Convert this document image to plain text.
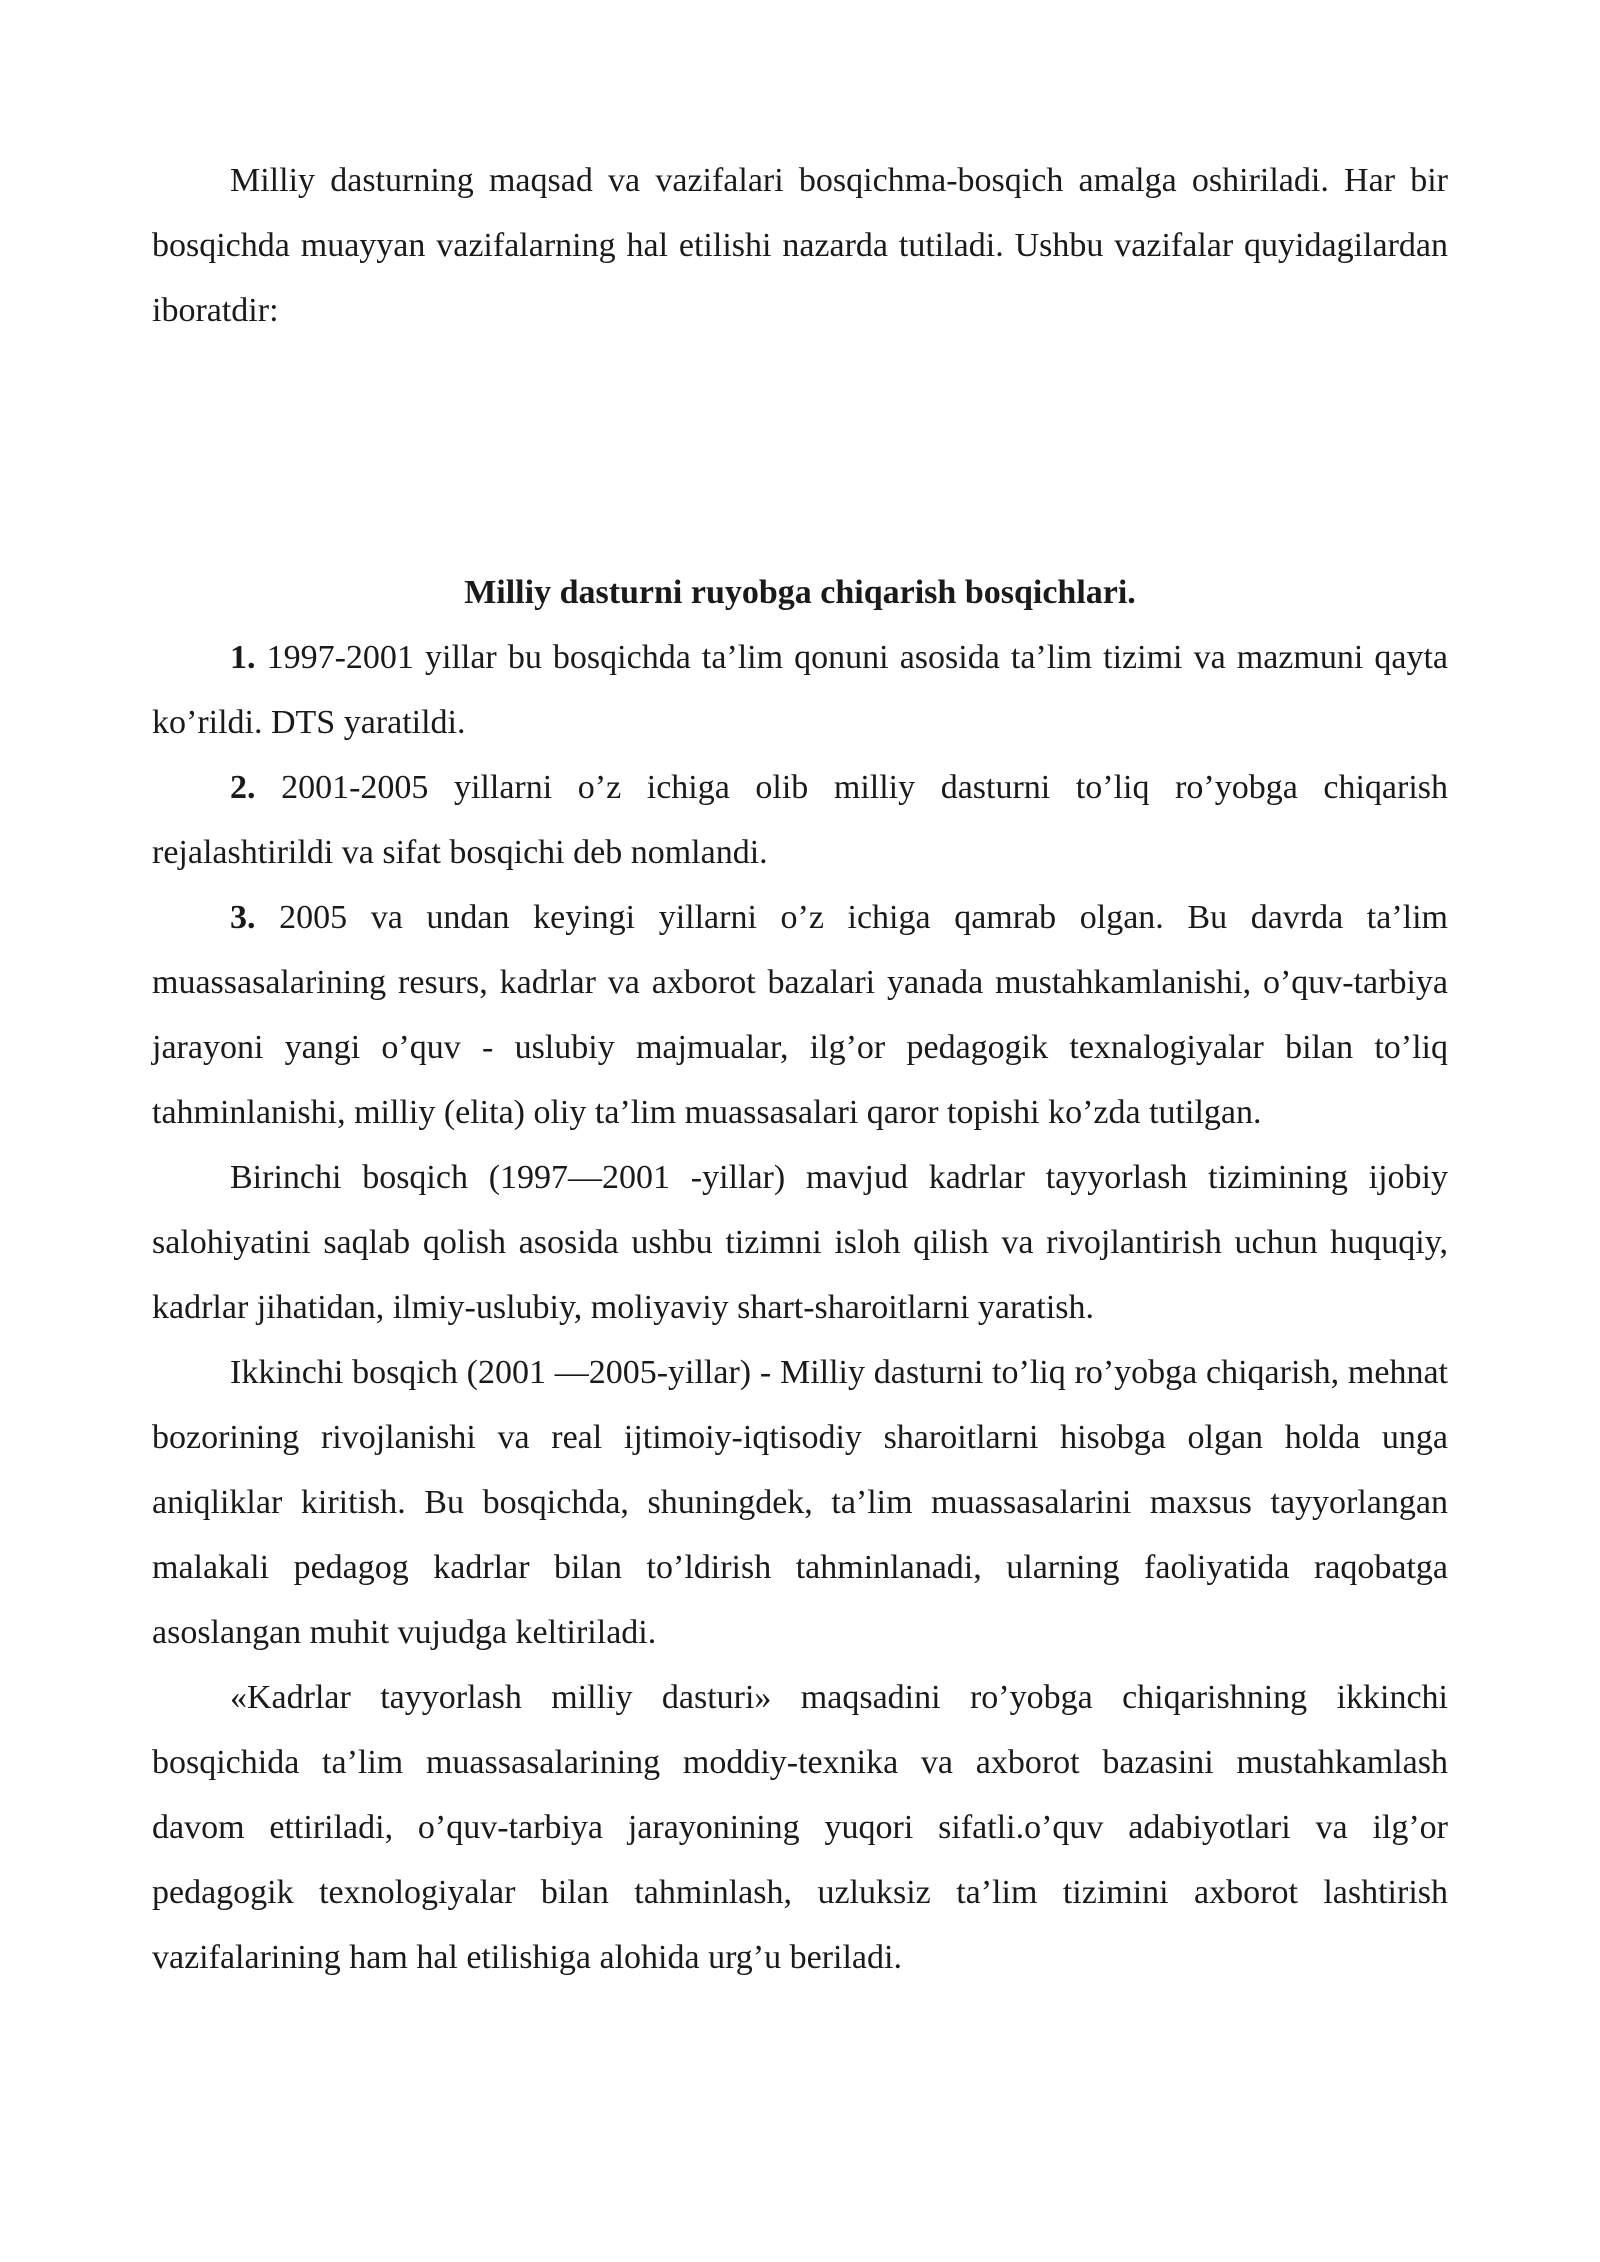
Milliy dasturning maqsad va vazifalari bosqichma-bosqich amalga oshiriladi. Har bir bosqichda muayyan vazifalarning hal etilishi nazarda tutiladi. Ushbu vazifalar quyidagilardan iboratdir:

Milliy dasturni ruyobga chiqarish bosqichlari.

1. 1997-2001 yillar bu bosqichda ta’lim qonuni asosida ta’lim tizimi va mazmuni qayta ko’rildi. DTS yaratildi.

2. 2001-2005 yillarni o’z ichiga olib milliy dasturni to’liq ro’yobga chiqarish rejalashtirildi va sifat bosqichi deb nomlandi.

3. 2005 va undan keyingi yillarni o’z ichiga qamrab olgan. Bu davrda ta’lim muassasalarining resurs, kadrlar va axborot bazalari yanada mustahkamlanishi, o’quv-tarbiya jarayoni yangi o’quv - uslubiy majmualar, ilg’or pedagogik texnalogiyalar bilan to’liq tahminlanishi, milliy (elita) oliy ta’lim muassasalari qaror topishi ko’zda tutilgan.

Birinchi bosqich (1997—2001 -yillar) mavjud kadrlar tayyorlash tizimining ijobiy salohiyatini saqlab qolish asosida ushbu tizimni isloh qilish va rivojlantirish uchun huquqiy, kadrlar jihatidan, ilmiy-uslubiy, moliyaviy shart-sharoitlarni yaratish.

Ikkinchi bosqich (2001 —2005-yillar) - Milliy dasturni to’liq ro’yobga chiqarish, mehnat bozorining rivojlanishi va real ijtimoiy-iqtisodiy sharoitlarni hisobga olgan holda unga aniqliklar kiritish. Bu bosqichda, shuningdek, ta’lim muassasalarini maxsus tayyorlangan malakali pedagog kadrlar bilan to’ldirish tahminlanadi, ularning faoliyatida raqobatga asoslangan muhit vujudga keltiriladi.

«Kadrlar tayyorlash milliy dasturi» maqsadini ro’yobga chiqarishning ikkinchi bosqichida ta’lim muassasalarining moddiy-texnika va axborot bazasini mustahkamlash davom ettiriladi, o’quv-tarbiya jarayonining yuqori sifatli.o’quv adabiyotlari va ilg’or pedagogik texnologiyalar bilan tahminlash, uzluksiz ta’lim tizimini axborot lashtirish vazifalarining ham hal etilishiga alohida urg’u beriladi.
